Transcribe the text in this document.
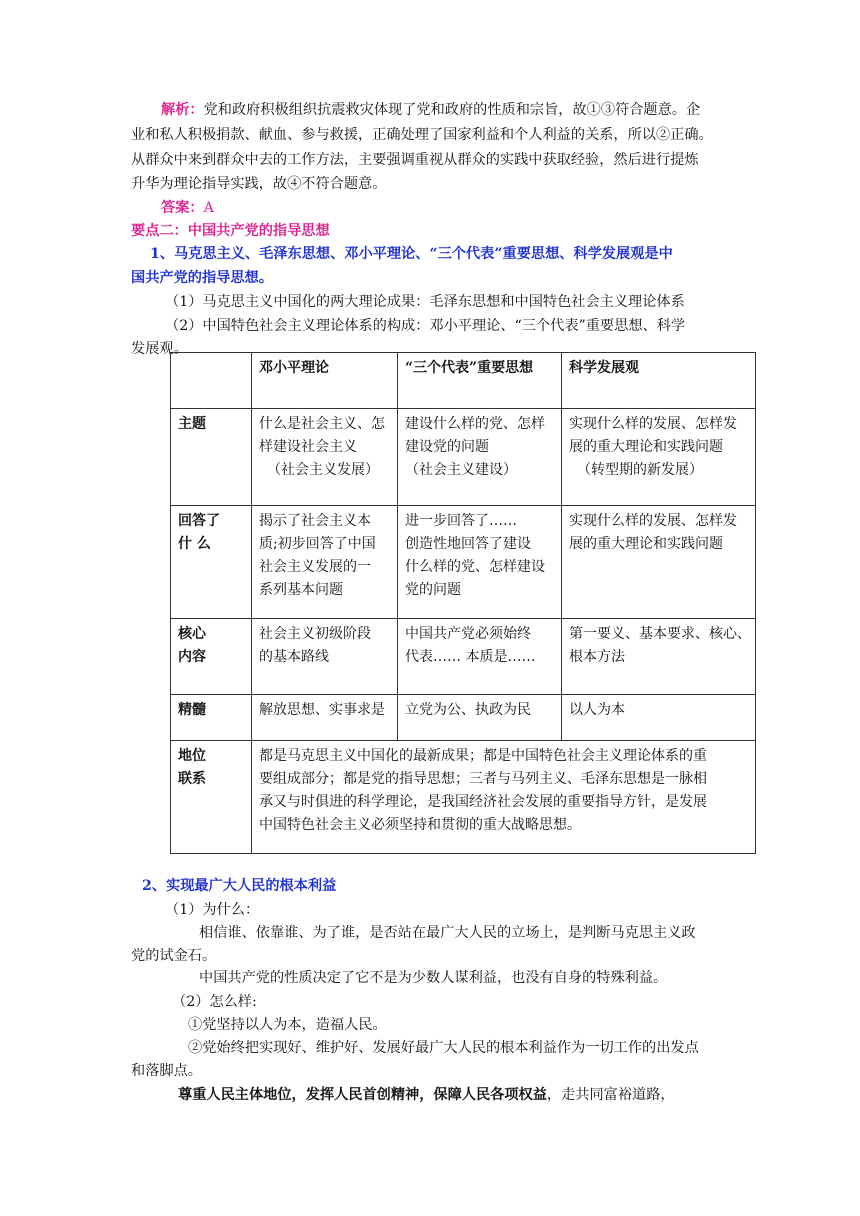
解析：党和政府积极组织抗震救灾体现了党和政府的性质和宗旨，故①③符合题意。企
业和私人积极捐款、献血、参与救援，正确处理了国家利益和个人利益的关系，所以②正确。
从群众中来到群众中去的工作方法，主要强调重视从群众的实践中获取经验，然后进行提炼
升华为理论指导实践，故④不符合题意。
答案：A
要点二：中国共产党的指导思想
1、马克思主义、毛泽东思想、邓小平理论、“三个代表”重要思想、科学发展观是中
国共产党的指导思想。
（1）马克思主义中国化的两大理论成果：毛泽东思想和中国特色社会主义理论体系
（2）中国特色社会主义理论体系的构成：邓小平理论、“三个代表”重要思想、科学
发展观。
	邓小平理论	“三个代表”重要思想	科学发展观

主题	什么是社会主义、怎
样建设社会主义
（社会主义发展）	建设什么样的党、怎样
建设党的问题
（社会主义建设）	实现什么样的发展、怎样发
展的重大理论和实践问题
（转型期的新发展）

回答了
什 么	揭示了社会主义本
质;初步回答了中国
社会主义发展的一
系列基本问题	进一步回答了……
创造性地回答了建设
什么样的党、怎样建设
党的问题	实现什么样的发展、怎样发
展的重大理论和实践问题

核心
内容	社会主义初级阶段
的基本路线	中国共产党必须始终
代表…… 本质是……	第一要义、基本要求、核心、
根本方法

精髓	解放思想、实事求是	立党为公、执政为民	以人为本

地位
联系	都是马克思主义中国化的最新成果；都是中国特色社会主义理论体系的重
要组成部分；都是党的指导思想；三者与马列主义、毛泽东思想是一脉相
承又与时俱进的科学理论，是我国经济社会发展的重要指导方针，是发展
中国特色社会主义必须坚持和贯彻的重大战略思想。		
2、实现最广大人民的根本利益
（1）为什么：
相信谁、依靠谁、为了谁，是否站在最广大人民的立场上，是判断马克思主义政
党的试金石。
中国共产党的性质决定了它不是为少数人谋利益，也没有自身的特殊利益。
（2）怎么样:
①党坚持以人为本，造福人民。
②党始终把实现好、维护好、发展好最广大人民的根本利益作为一切工作的出发点
和落脚点。
尊重人民主体地位，发挥人民首创精神，保障人民各项权益，走共同富裕道路，
